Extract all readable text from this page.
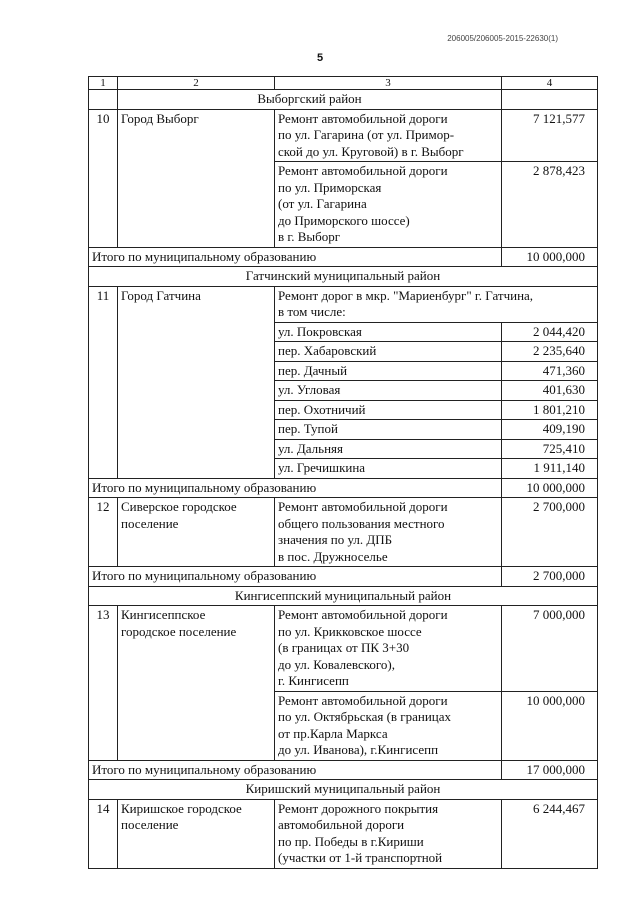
206005/206005-2015-22630(1)
5
1	2	3	4
	Выборгский район		
10	Город Выборг	Ремонт автомобильной дороги
по ул. Гагарина (от ул. Примор-
ской до ул. Круговой) в г. Выборг	7 121,577
		Ремонт автомобильной дороги
по ул. Приморская
(от ул. Гагарина
до Приморского шоссе)
в г. Выборг	2 878,423
Итого по муниципальному образованию			10 000,000
Гатчинский муниципальный район			
11	Город Гатчина	Ремонт дорог в мкр. "Мариенбург" г. Гатчина,
в том числе:	
		ул. Покровская	2 044,420
		пер. Хабаровский	2 235,640
		пер. Дачный	471,360
		ул. Угловая	401,630
		пер. Охотничий	1 801,210
		пер. Тупой	409,190
		ул. Дальняя	725,410
		ул. Гречишкина	1 911,140
Итого по муниципальному образованию			10 000,000
12	Сиверское городское
поселение	Ремонт автомобильной дороги
общего пользования местного
значения по ул. ДПБ
в пос. Дружноселье	2 700,000
Итого по муниципальному образованию			2 700,000
Кингисеппский муниципальный район			
13	Кингисеппское
городское поселение	Ремонт автомобильной дороги
по ул. Крикковское шоссе
(в границах от ПК 3+30
до ул. Ковалевского),
г. Кингисепп	7 000,000
		Ремонт автомобильной дороги
по ул. Октябрьская (в границах
от пр.Карла Маркса
до ул. Иванова), г.Кингисепп	10 000,000
Итого по муниципальному образованию			17 000,000
Киришский муниципальный район			
14	Киришское городское
поселение	Ремонт дорожного покрытия
автомобильной дороги
по пр. Победы в г.Кириши
(участки от 1-й транспортной	6 244,467
